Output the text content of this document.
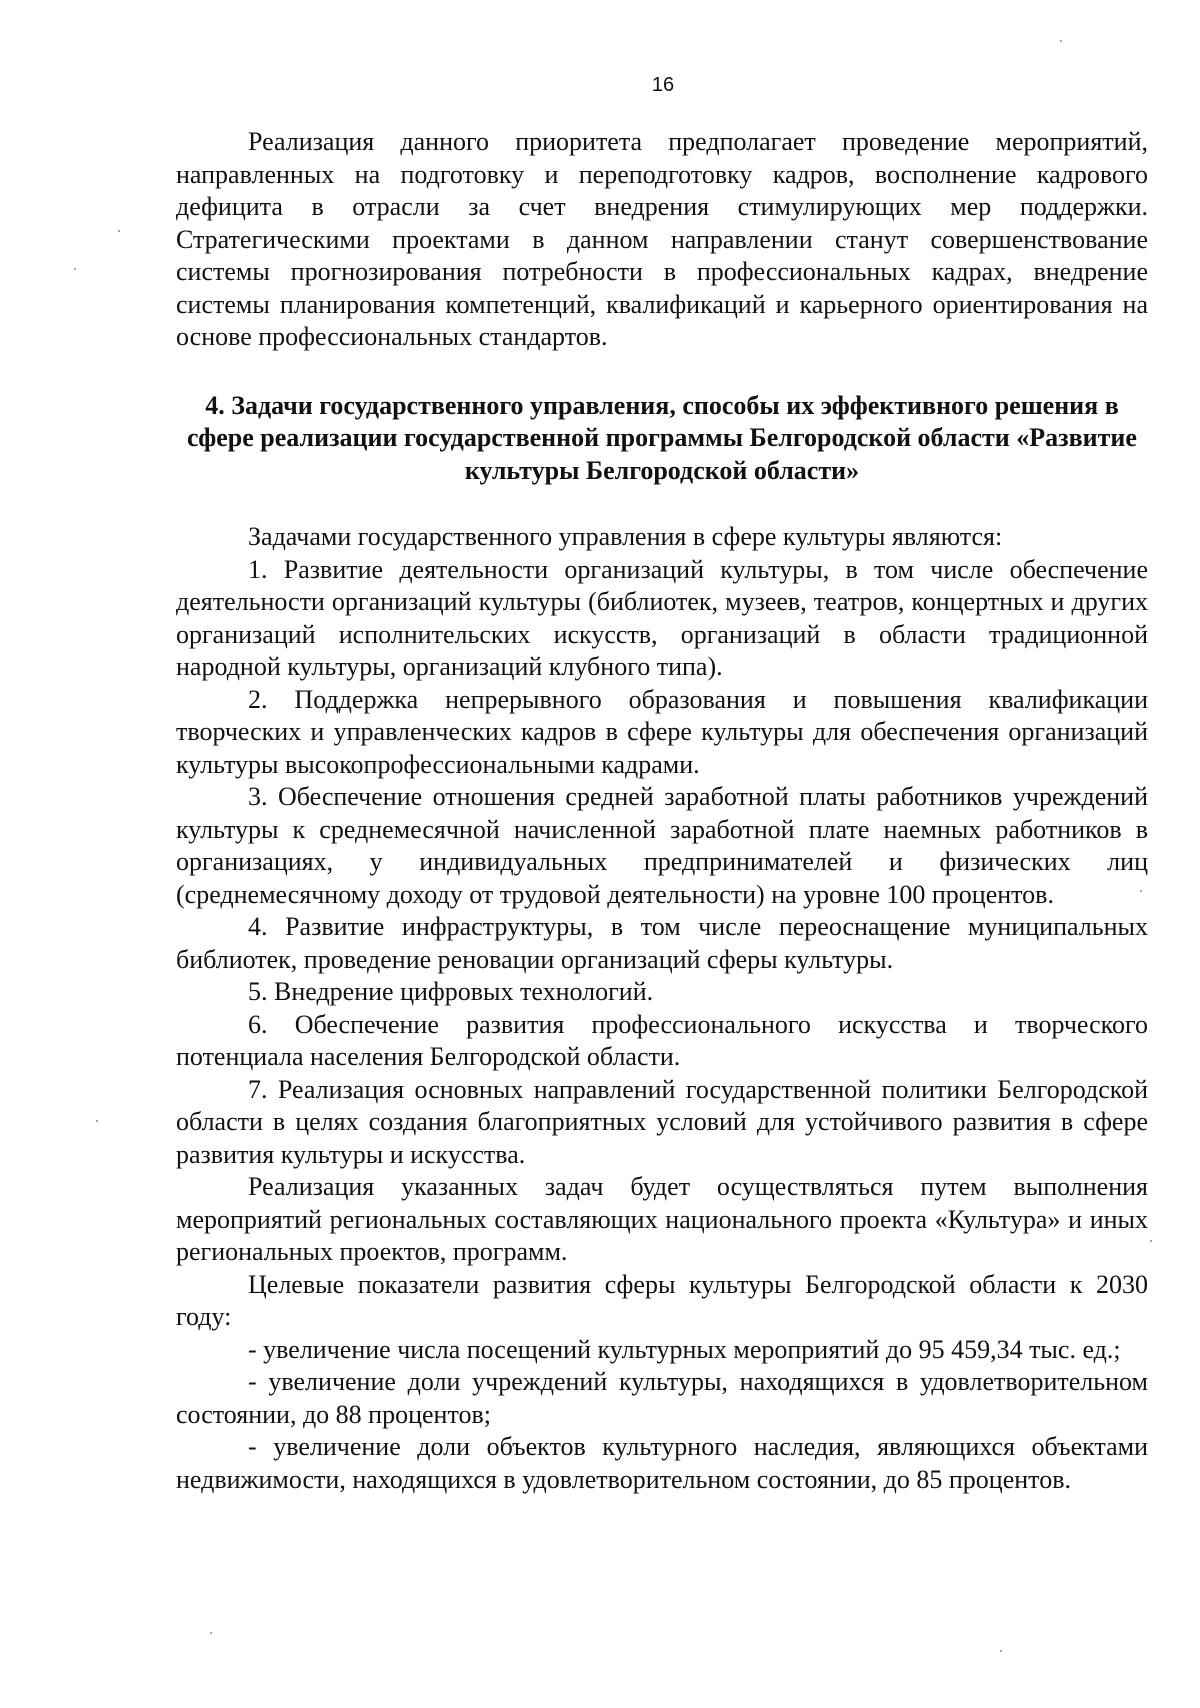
16

Реализация данного приоритета предполагает проведение мероприятий, направленных на подготовку и переподготовку кадров, восполнение кадрового дефицита в отрасли за счет внедрения стимулирующих мер поддержки. Стратегическими проектами в данном направлении станут совершенствование системы прогнозирования потребности в профессиональных кадрах, внедрение системы планирования компетенций, квалификаций и карьерного ориентирования на основе профессиональных стандартов.

4. Задачи государственного управления, способы их эффективного решения в сфере реализации государственной программы Белгородской области «Развитие культуры Белгородской области»

Задачами государственного управления в сфере культуры являются:

1. Развитие деятельности организаций культуры, в том числе обеспечение деятельности организаций культуры (библиотек, музеев, театров, концертных и других организаций исполнительских искусств, организаций в области традиционной народной культуры, организаций клубного типа).

2. Поддержка непрерывного образования и повышения квалификации творческих и управленческих кадров в сфере культуры для обеспечения организаций культуры высокопрофессиональными кадрами.

3. Обеспечение отношения средней заработной платы работников учреждений культуры к среднемесячной начисленной заработной плате наемных работников в организациях, у индивидуальных предпринимателей и физических лиц (среднемесячному доходу от трудовой деятельности) на уровне 100 процентов.

4. Развитие инфраструктуры, в том числе переоснащение муниципальных библиотек, проведение реновации организаций сферы культуры.

5. Внедрение цифровых технологий.

6. Обеспечение развития профессионального искусства и творческого потенциала населения Белгородской области.

7. Реализация основных направлений государственной политики Белгородской области в целях создания благоприятных условий для устойчивого развития в сфере развития культуры и искусства.

Реализация указанных задач будет осуществляться путем выполнения мероприятий региональных составляющих национального проекта «Культура» и иных региональных проектов, программ.

Целевые показатели развития сферы культуры Белгородской области к 2030 году:

- увеличение числа посещений культурных мероприятий до 95 459,34 тыс. ед.;

- увеличение доли учреждений культуры, находящихся в удовлетворительном состоянии, до 88 процентов;

- увеличение доли объектов культурного наследия, являющихся объектами недвижимости, находящихся в удовлетворительном состоянии, до 85 процентов.
